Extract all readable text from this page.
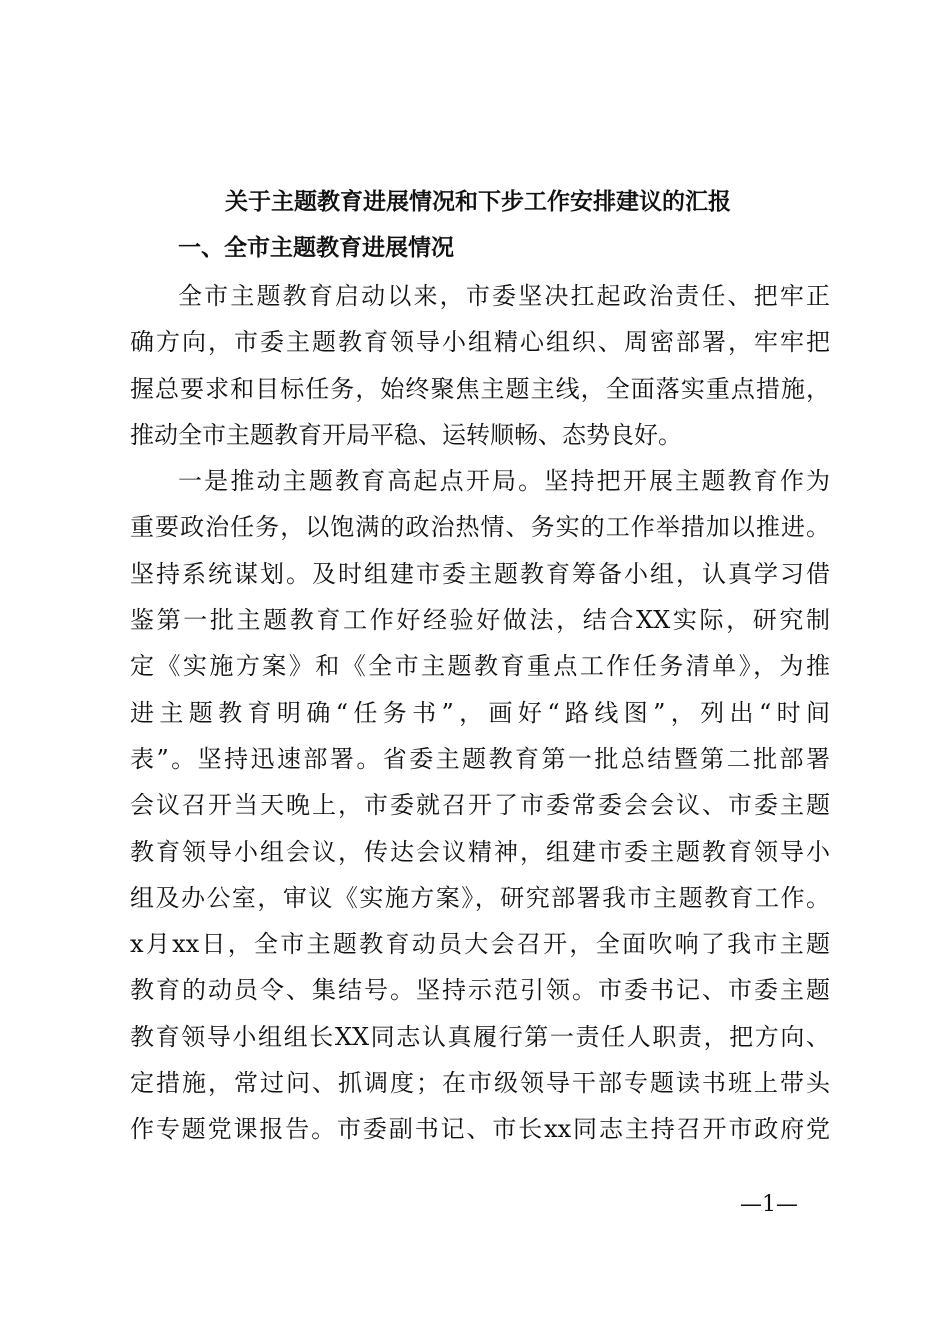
关于主题教育进展情况和下步工作安排建议的汇报
一、全市主题教育进展情况
全市主题教育启动以来，市委坚决扛起政治责任、把牢正
确方向，市委主题教育领导小组精心组织、周密部署，牢牢把
握总要求和目标任务，始终聚焦主题主线，全面落实重点措施，
推动全市主题教育开局平稳、运转顺畅、态势良好。
一是推动主题教育高起点开局。坚持把开展主题教育作为
重要政治任务，以饱满的政治热情、务实的工作举措加以推进。
坚持系统谋划。及时组建市委主题教育筹备小组，认真学习借
鉴第一批主题教育工作好经验好做法，结合XX实际，研究制
定《实施方案》和《全市主题教育重点工作任务清单》，为推
进主题教育明确“任务书”，画好“路线图”，列出“时间
表”。坚持迅速部署。省委主题教育第一批总结暨第二批部署
会议召开当天晚上，市委就召开了市委常委会会议、市委主题
教育领导小组会议，传达会议精神，组建市委主题教育领导小
组及办公室，审议《实施方案》，研究部署我市主题教育工作。
x月xx日，全市主题教育动员大会召开，全面吹响了我市主题
教育的动员令、集结号。坚持示范引领。市委书记、市委主题
教育领导小组组长XX同志认真履行第一责任人职责，把方向、
定措施，常过问、抓调度；在市级领导干部专题读书班上带头
作专题党课报告。市委副书记、市长xx同志主持召开市政府党
—1—
